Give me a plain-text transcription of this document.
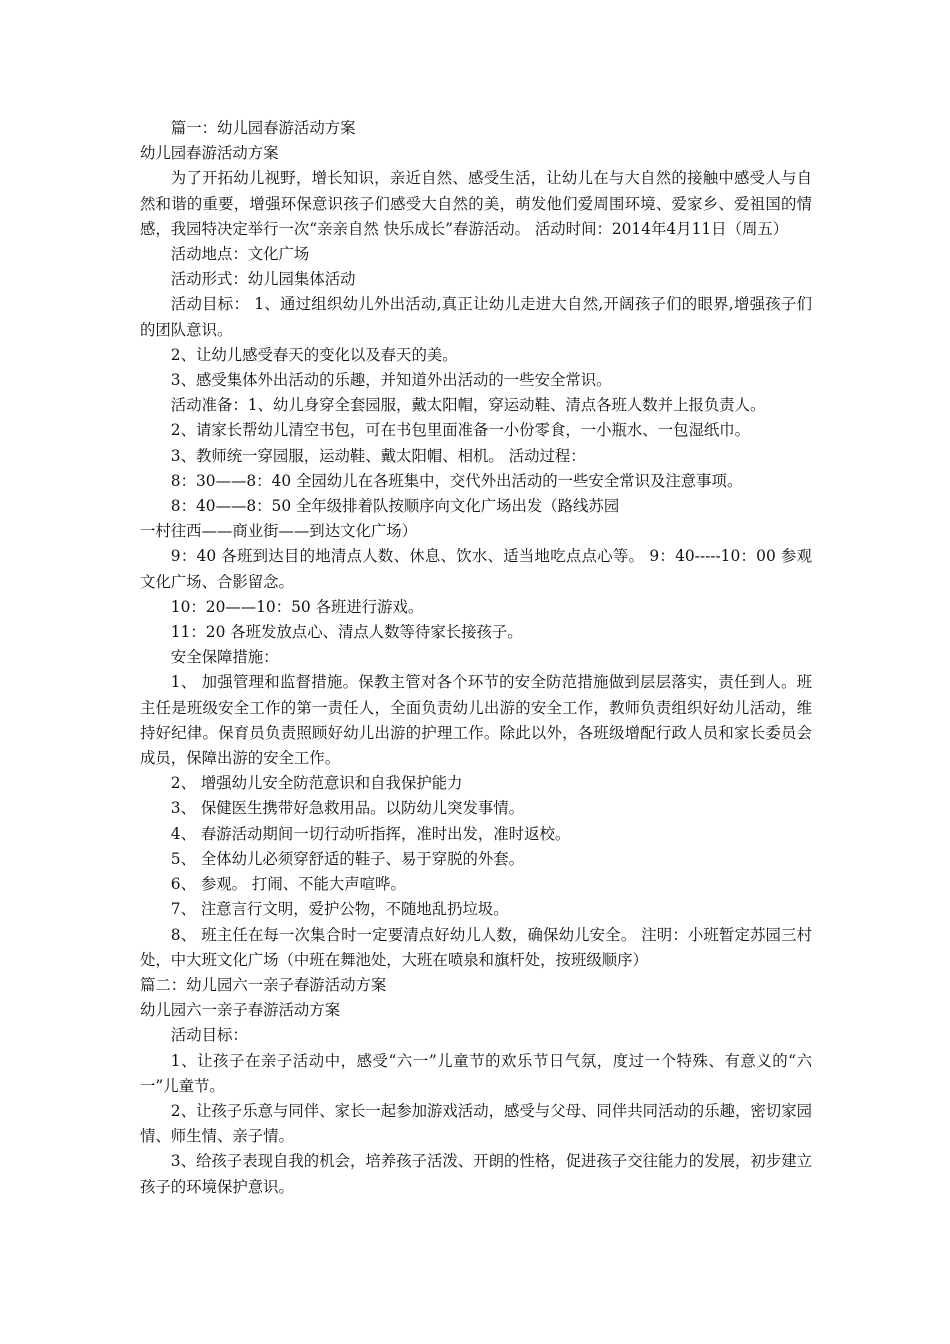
篇一：幼儿园春游活动方案

幼儿园春游活动方案

为了开拓幼儿视野，增长知识，亲近自然、感受生活，让幼儿在与大自然的接触中感受人与自然和谐的重要，增强环保意识孩子们感受大自然的美，萌发他们爱周围环境、爱家乡、爱祖国的情感，我园特决定举行一次“亲亲自然 快乐成长”春游活动。 活动时间：2014年4月11日（周五）

活动地点：文化广场

活动形式：幼儿园集体活动

活动目标： 1、通过组织幼儿外出活动,真正让幼儿走进大自然,开阔孩子们的眼界,增强孩子们的团队意识。

2、让幼儿感受春天的变化以及春天的美。

3、感受集体外出活动的乐趣，并知道外出活动的一些安全常识。

活动准备：1、幼儿身穿全套园服，戴太阳帽，穿运动鞋、清点各班人数并上报负责人。

2、请家长帮幼儿清空书包，可在书包里面准备一小份零食，一小瓶水、一包湿纸巾。

3、教师统一穿园服，运动鞋、戴太阳帽、相机。 活动过程：

8：30——8：40 全园幼儿在各班集中，交代外出活动的一些安全常识及注意事项。

8：40——8：50 全年级排着队按顺序向文化广场出发（路线苏园

一村往西——商业街——到达文化广场）

9：40 各班到达目的地清点人数、休息、饮水、适当地吃点点心等。 9：40-----10：00 参观文化广场、合影留念。

10：20——10：50 各班进行游戏。

11：20 各班发放点心、清点人数等待家长接孩子。

安全保障措施：

1、 加强管理和监督措施。保教主管对各个环节的安全防范措施做到层层落实，责任到人。班主任是班级安全工作的第一责任人，全面负责幼儿出游的安全工作，教师负责组织好幼儿活动，维持好纪律。保育员负责照顾好幼儿出游的护理工作。除此以外，各班级增配行政人员和家长委员会成员，保障出游的安全工作。

2、 增强幼儿安全防范意识和自我保护能力

3、 保健医生携带好急救用品。以防幼儿突发事情。

4、 春游活动期间一切行动听指挥，准时出发，准时返校。

5、 全体幼儿必须穿舒适的鞋子、易于穿脱的外套。

6、 参观。 打闹、不能大声喧哗。

7、 注意言行文明，爱护公物，不随地乱扔垃圾。

8、 班主任在每一次集合时一定要清点好幼儿人数，确保幼儿安全。 注明：小班暂定苏园三村处，中大班文化广场（中班在舞池处，大班在喷泉和旗杆处，按班级顺序）

篇二：幼儿园六一亲子春游活动方案

幼儿园六一亲子春游活动方案

活动目标：

1、让孩子在亲子活动中，感受“六一”儿童节的欢乐节日气氛，度过一个特殊、有意义的“六一”儿童节。

2、让孩子乐意与同伴、家长一起参加游戏活动，感受与父母、同伴共同活动的乐趣，密切家园情、师生情、亲子情。

3、给孩子表现自我的机会，培养孩子活泼、开朗的性格，促进孩子交往能力的发展，初步建立孩子的环境保护意识。
